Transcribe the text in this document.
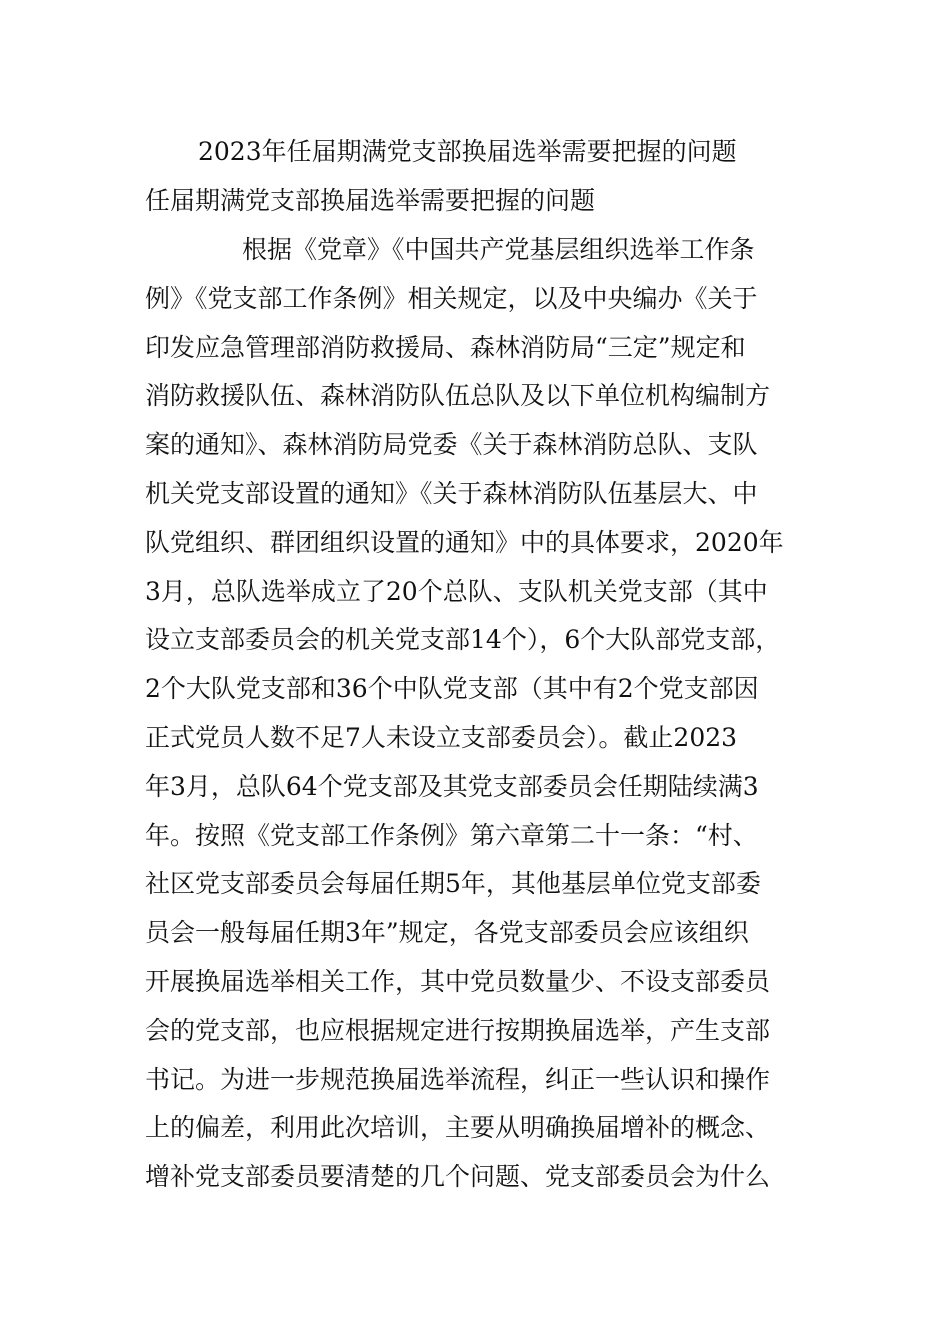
2023年任届期满党支部换届选举需要把握的问题
任届期满党支部换届选举需要把握的问题
根据《党章》《中国共产党基层组织选举工作条
例》《党支部工作条例》相关规定，以及中央编办《关于
印发应急管理部消防救援局、森林消防局“三定”规定和
消防救援队伍、森林消防队伍总队及以下单位机构编制方
案的通知》、森林消防局党委《关于森林消防总队、支队
机关党支部设置的通知》《关于森林消防队伍基层大、中
队党组织、群团组织设置的通知》中的具体要求，2020年
3月，总队选举成立了20个总队、支队机关党支部（其中
设立支部委员会的机关党支部14个），6个大队部党支部，
2个大队党支部和36个中队党支部（其中有2个党支部因
正式党员人数不足7人未设立支部委员会）。截止2023
年3月，总队64个党支部及其党支部委员会任期陆续满3
年。按照《党支部工作条例》第六章第二十一条：“村、
社区党支部委员会每届任期5年，其他基层单位党支部委
员会一般每届任期3年”规定，各党支部委员会应该组织
开展换届选举相关工作，其中党员数量少、不设支部委员
会的党支部，也应根据规定进行按期换届选举，产生支部
书记。为进一步规范换届选举流程，纠正一些认识和操作
上的偏差，利用此次培训，主要从明确换届增补的概念、
增补党支部委员要清楚的几个问题、党支部委员会为什么
